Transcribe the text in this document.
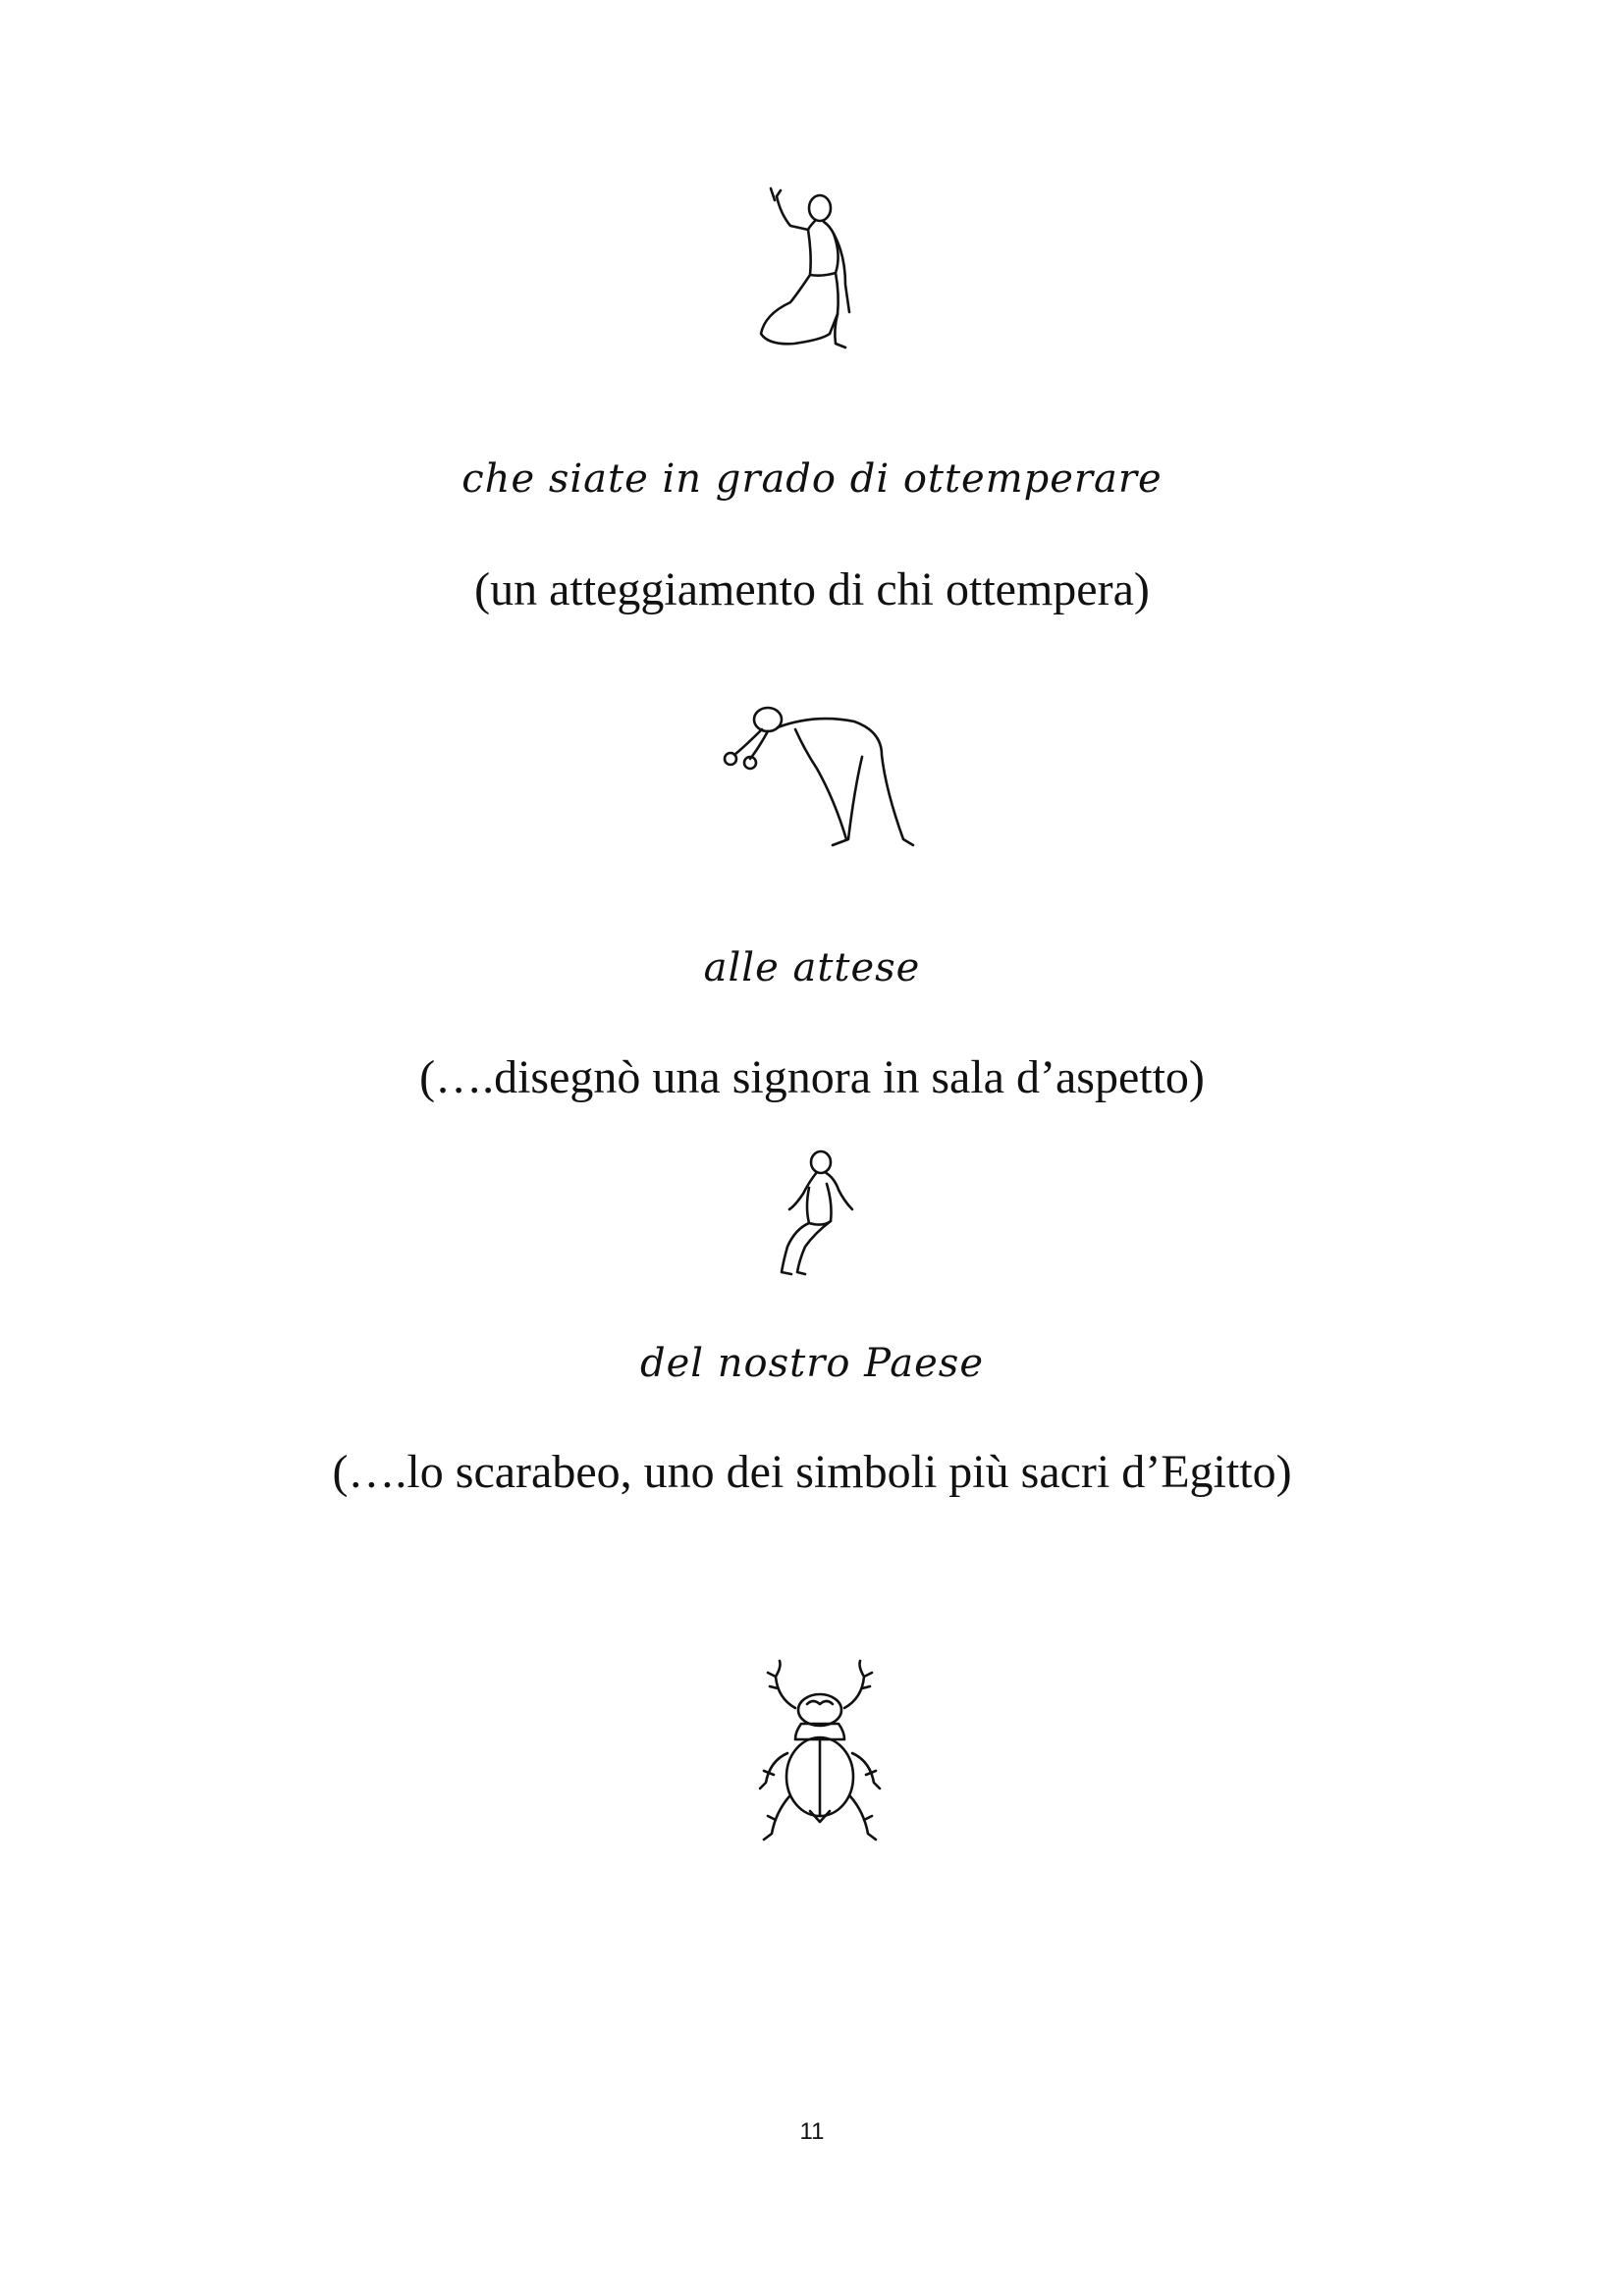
che siate in grado di ottemperare
(un atteggiamento di chi ottempera)
alle attese
(….disegnò una signora in sala d’aspetto)
del nostro Paese
(….lo scarabeo, uno dei simboli più sacri d’Egitto)
11
